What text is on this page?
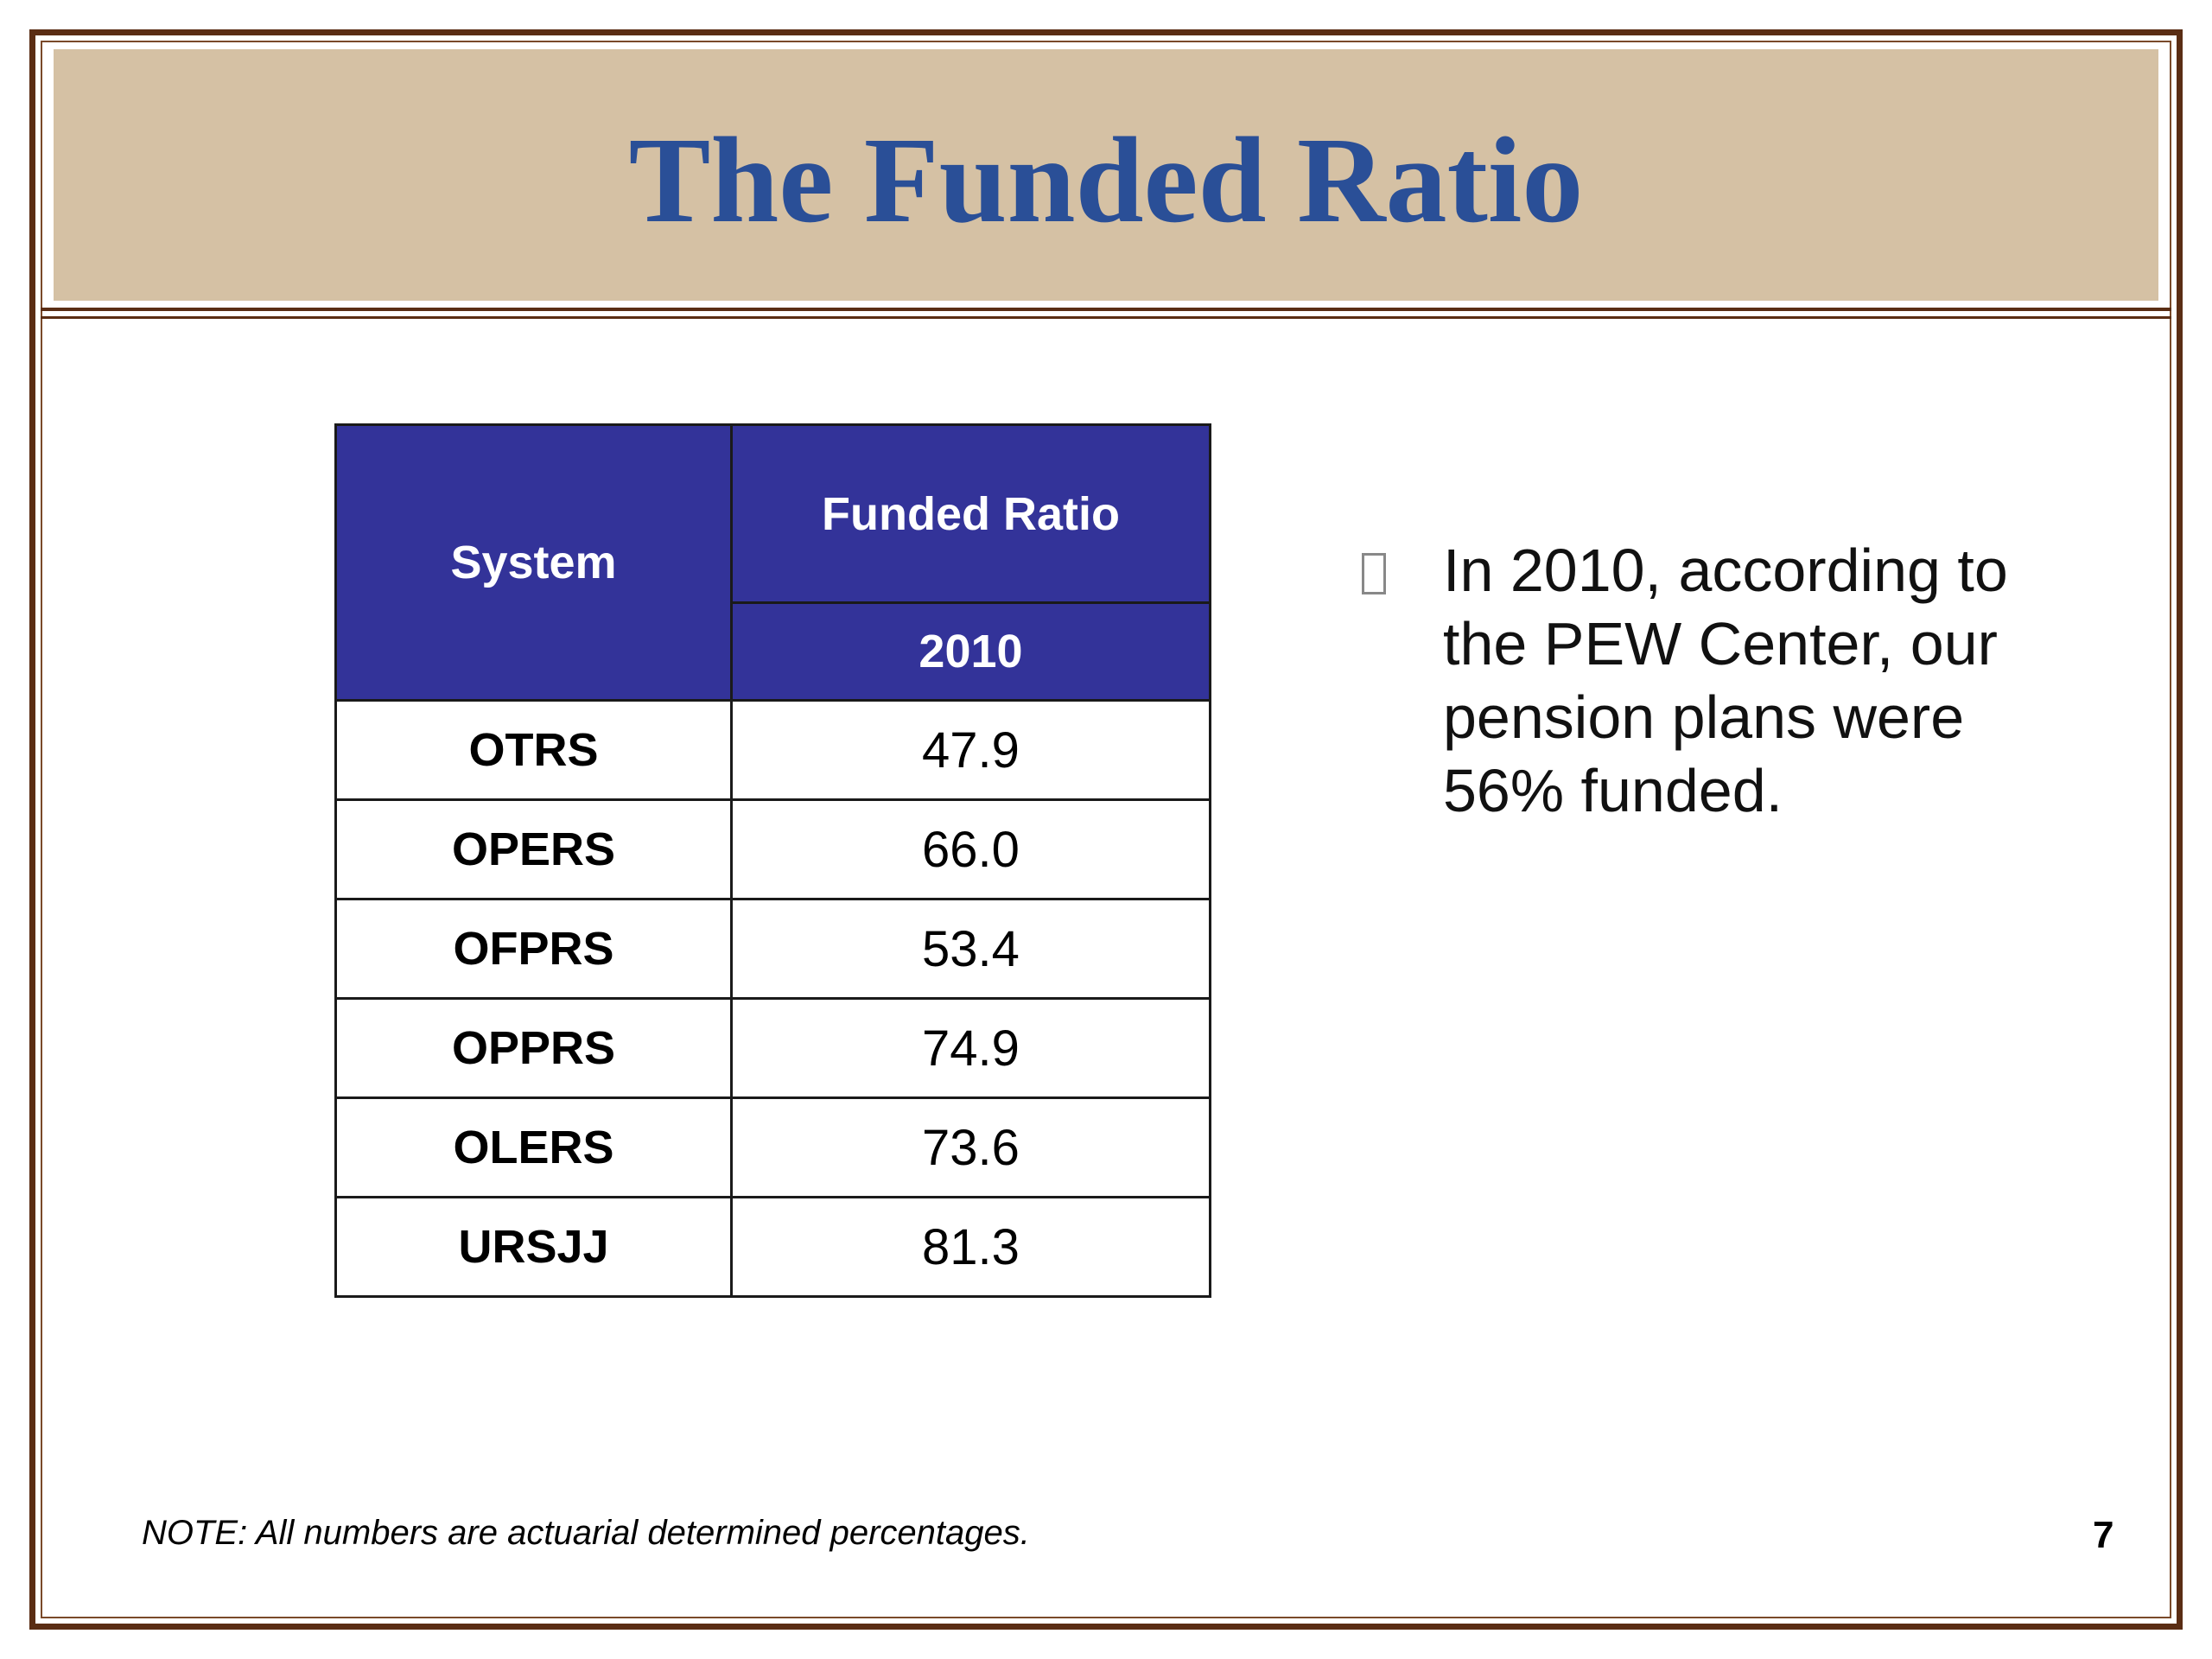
The Funded Ratio
System	Funded Ratio
	2010
OTRS	47.9
OPERS	66.0
OFPRS	53.4
OPPRS	74.9
OLERS	73.6
URSJJ	81.3
In 2010, according to the PEW Center, our pension plans were 56% funded.
NOTE: All numbers are actuarial determined percentages.	7
